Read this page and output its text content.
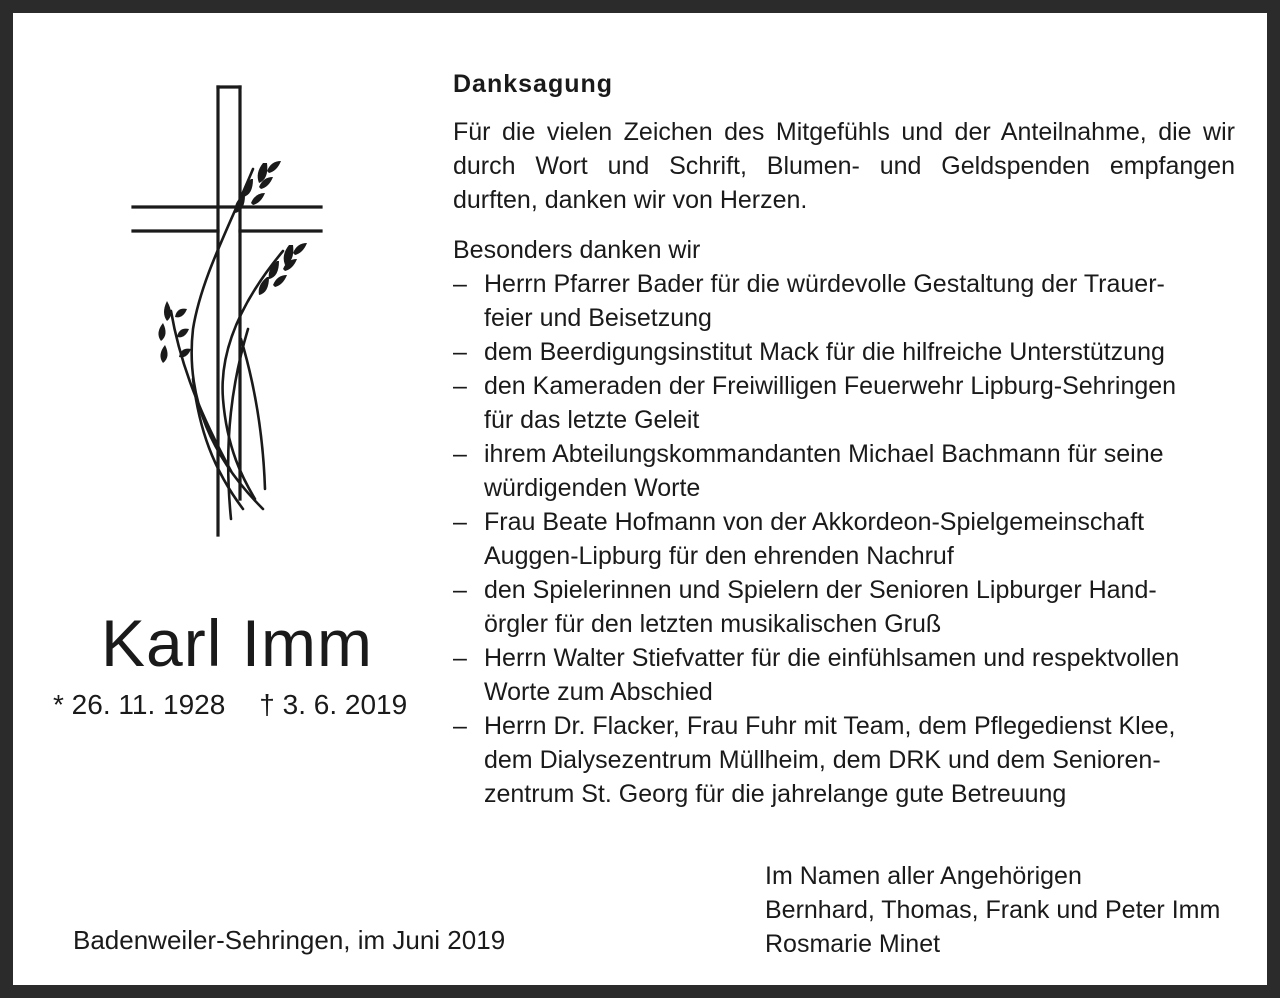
Karl Imm
* 26. 11. 1928 † 3. 6. 2019
Badenweiler-Sehringen, im Juni 2019
Danksagung

Für die vielen Zeichen des Mitgefühls und der Anteilnahme, die wir durch Wort und Schrift, Blumen- und Geldspenden empfangen durften, danken wir von Herzen.

Besonders danken wir

– Herrn Pfarrer Bader für die würdevolle Gestaltung der Trauer-
feier und Beisetzung
– dem Beerdigungsinstitut Mack für die hilfreiche Unterstützung
– den Kameraden der Freiwilligen Feuerwehr Lipburg-Sehringen
für das letzte Geleit
– ihrem Abteilungskommandanten Michael Bachmann für seine
würdigenden Worte
– Frau Beate Hofmann von der Akkordeon-Spielgemeinschaft
Auggen-Lipburg für den ehrenden Nachruf
– den Spielerinnen und Spielern der Senioren Lipburger Hand-
örgler für den letzten musikalischen Gruß
– Herrn Walter Stiefvatter für die einfühlsamen und respektvollen
Worte zum Abschied
– Herrn Dr. Flacker, Frau Fuhr mit Team, dem Pflegedienst Klee,
dem Dialysezentrum Müllheim, dem DRK und dem Senioren-
zentrum St. Georg für die jahrelange gute Betreuung
Im Namen aller Angehörigen
Bernhard, Thomas, Frank und Peter Imm
Rosmarie Minet
